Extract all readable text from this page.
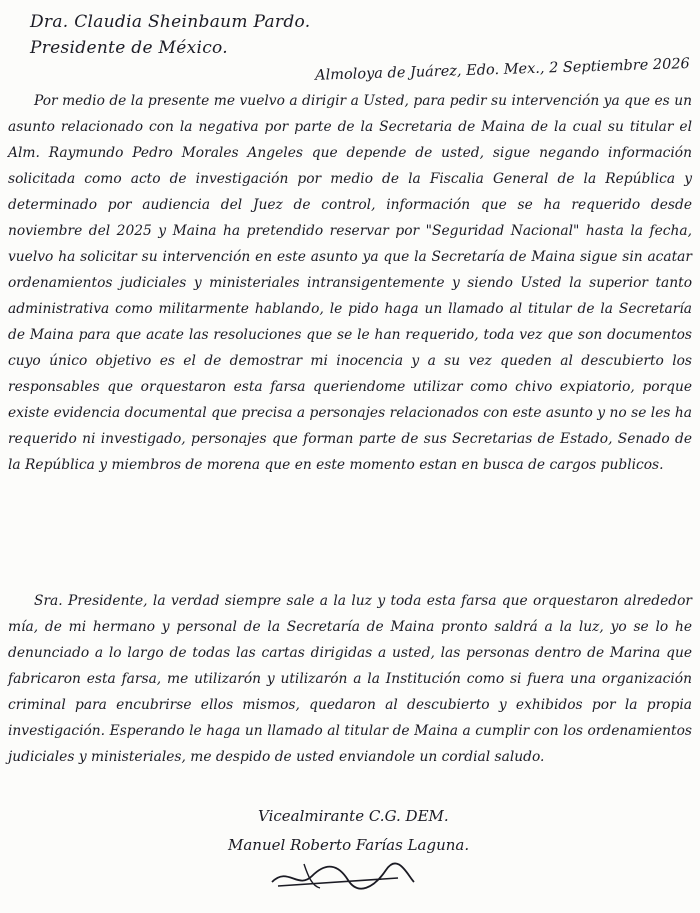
Dra. Claudia Sheinbaum Pardo.
Presidente de México.
Almoloya de Juárez, Edo. Mex., 2 Septiembre 2026

Por medio de la presente me vuelvo a dirigir a Usted, para pedir su intervención ya que es un asunto relacionado con la negativa por parte de la Secretaria de Maina de la cual su titular el Alm. Raymundo Pedro Morales Angeles que depende de usted, sigue negando información solicitada como acto de investigación por medio de la Fiscalia General de la República y determinado por audiencia del Juez de control, información que se ha requerido desde noviembre del 2025 y Maina ha pretendido reservar por "Seguridad Nacional" hasta la fecha, vuelvo ha solicitar su intervención en este asunto ya que la Secretaría de Maina sigue sin acatar ordenamientos judiciales y ministeriales intransigentemente y siendo Usted la superior tanto administrativa como militarmente hablando, le pido haga un llamado al titular de la Secretaría de Maina para que acate las resoluciones que se le han requerido, toda vez que son documentos cuyo único objetivo es el de demostrar mi inocencia y a su vez queden al descubierto los responsables que orquestaron esta farsa queriendome utilizar como chivo expiatorio, porque existe evidencia documental que precisa a personajes relacionados con este asunto y no se les ha requerido ni investigado, personajes que forman parte de sus Secretarias de Estado, Senado de la República y miembros de morena que en este momento estan en busca de cargos publicos.

Sra. Presidente, la verdad siempre sale a la luz y toda esta farsa que orquestaron alrededor mía, de mi hermano y personal de la Secretaría de Maina pronto saldrá a la luz, yo se lo he denunciado a lo largo de todas las cartas dirigidas a usted, las personas dentro de Marina que fabricaron esta farsa, me utilizarón y utilizarón a la Institución como si fuera una organización criminal para encubrirse ellos mismos, quedaron al descubierto y exhibidos por la propia investigación. Esperando le haga un llamado al titular de Maina a cumplir con los ordenamientos judiciales y ministeriales, me despido de usted enviandole un cordial saludo.

Vicealmirante C.G. DEM.
Manuel Roberto Farías Laguna.
